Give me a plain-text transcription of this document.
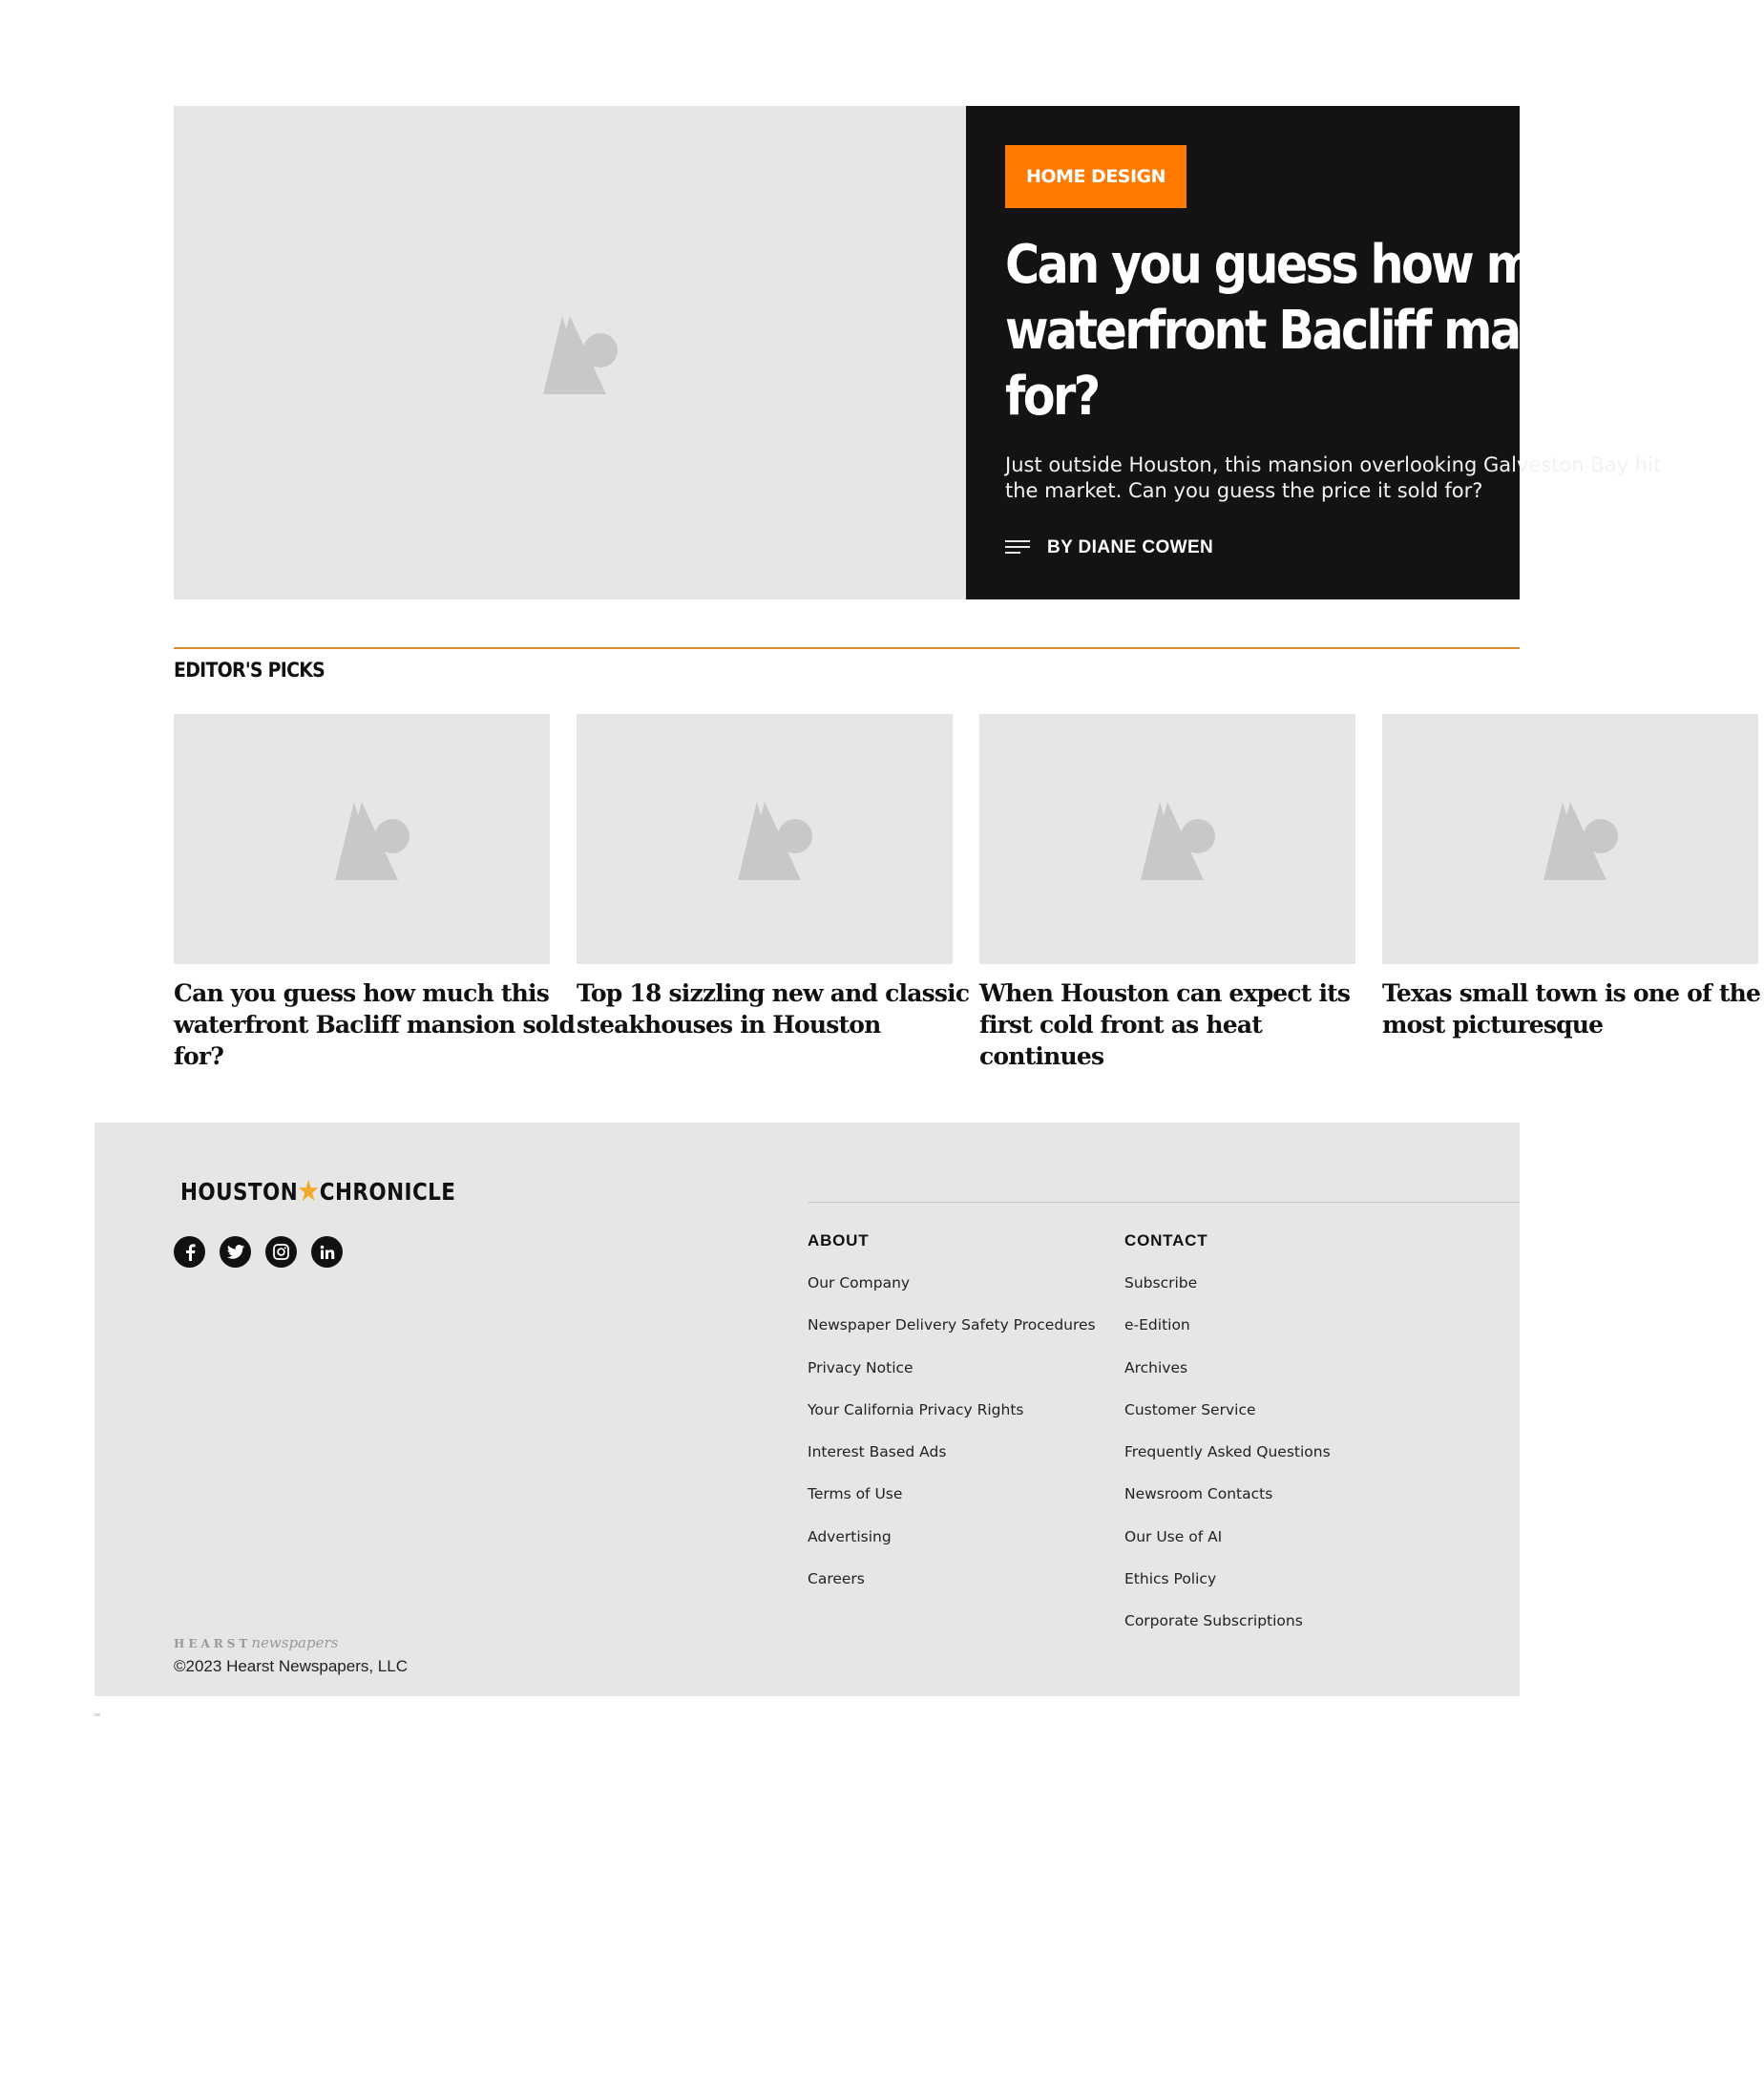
HOME DESIGN
Can you guess how much this
waterfront Bacliff mansion sold
for?
Just outside Houston, this mansion overlooking Galveston Bay hit
the market. Can you guess the price it sold for?
BY DIANE COWEN
EDITOR'S PICKS
Can you guess how much this
waterfront Bacliff mansion sold
for?
Top 18 sizzling new and classic
steakhouses in Houston
When Houston can expect its
first cold front as heat
continues
Texas small town is one of the
most picturesque
HOUSTON ★ CHRONICLE
ABOUT
Our Company
Newspaper Delivery Safety Procedures
Privacy Notice
Your California Privacy Rights
Interest Based Ads
Terms of Use
Advertising
Careers
CONTACT
Subscribe
e-Edition
Archives
Customer Service
Frequently Asked Questions
Newsroom Contacts
Our Use of AI
Ethics Policy
Corporate Subscriptions
HEARST newspapers
©2023 Hearst Newspapers, LLC
▫▫
